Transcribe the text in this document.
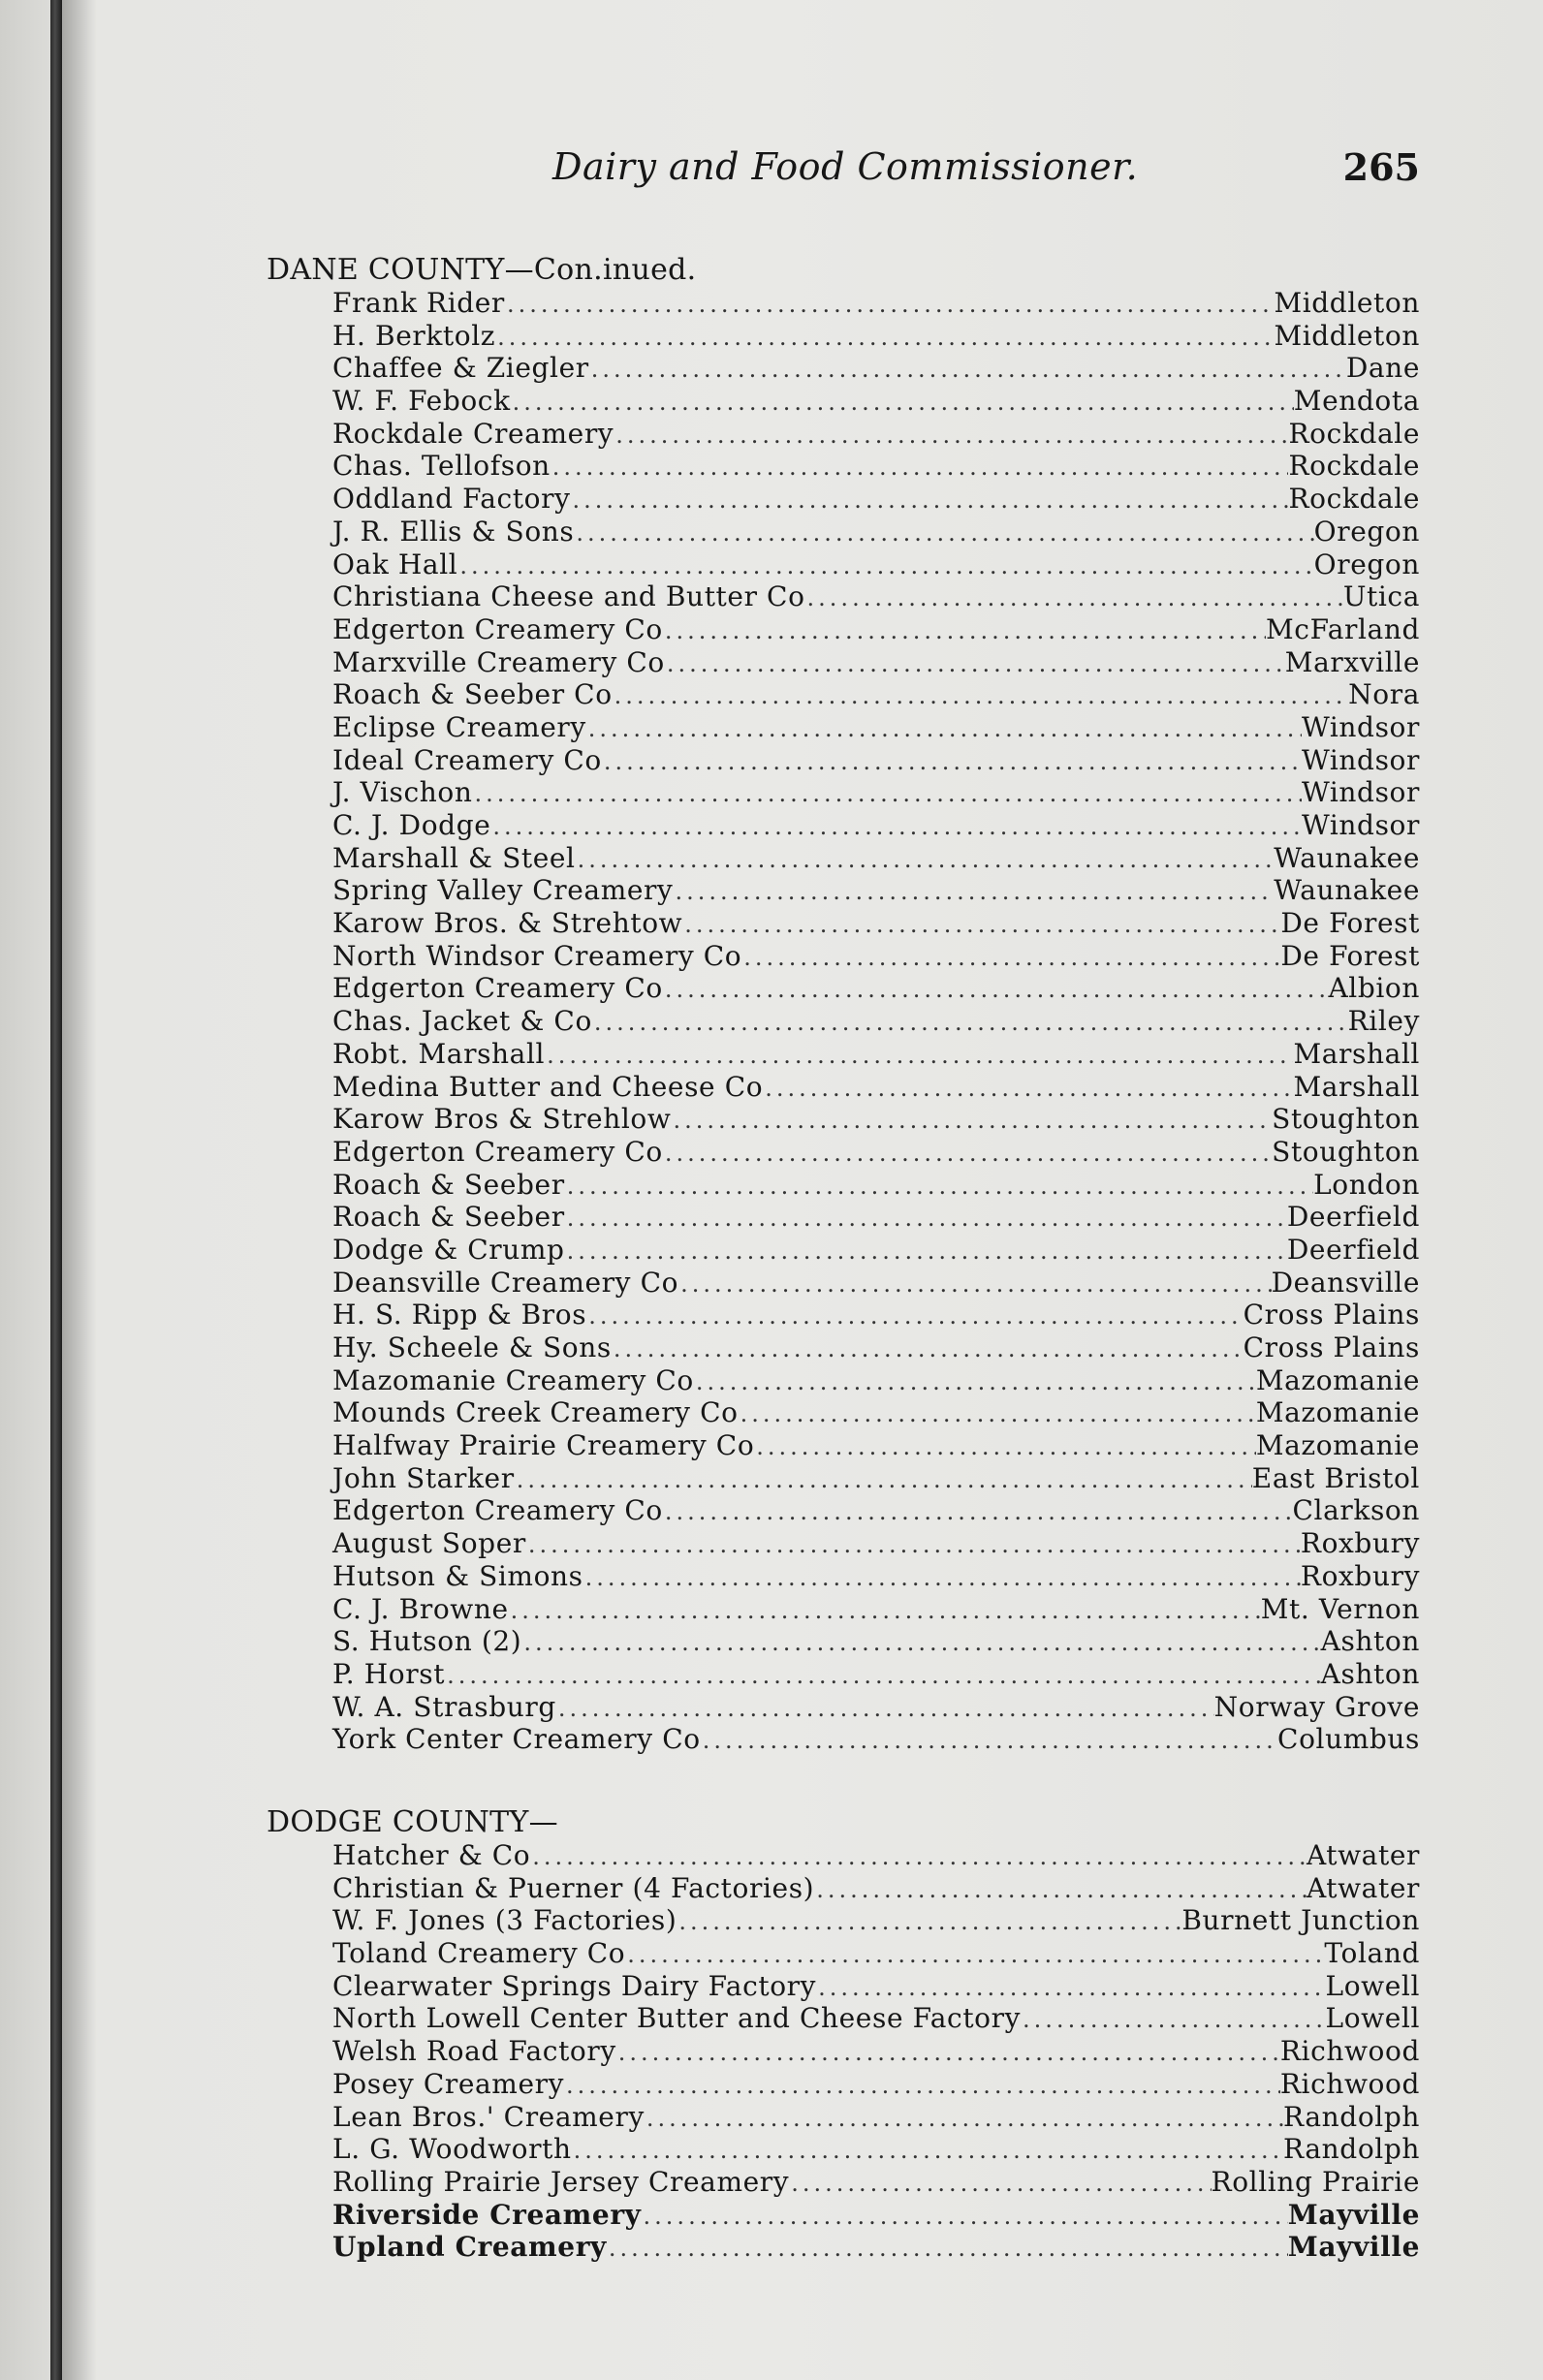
Dairy and Food Commissioner.	265
DANE COUNTY—Con.inued.
Frank Rider .....	Middleton
H. Berktolz .....	Middleton
Chaffee & Ziegler .....	Dane
W. F. Febock .....	Mendota
Rockdale Creamery .....	Rockdale
Chas. Tellofson .....	Rockdale
Oddland Factory .....	Rockdale
J. R. Ellis & Sons .....	Oregon
Oak Hall .....	Oregon
Christiana Cheese and Butter Co .....	Utica
Edgerton Creamery Co .....	McFarland
Marxville Creamery Co .....	Marxville
Roach & Seeber Co .....	Nora
Eclipse Creamery .....	Windsor
Ideal Creamery Co .....	Windsor
J. Vischon .....	Windsor
C. J. Dodge .....	Windsor
Marshall & Steel .....	Waunakee
Spring Valley Creamery .....	Waunakee
Karow Bros. & Strehtow .....	De Forest
North Windsor Creamery Co .....	De Forest
Edgerton Creamery Co .....	Albion
Chas. Jacket & Co .....	Riley
Robt. Marshall .....	Marshall
Medina Butter and Cheese Co .....	Marshall
Karow Bros & Strehlow .....	Stoughton
Edgerton Creamery Co .....	Stoughton
Roach & Seeber .....	London
Roach & Seeber .....	Deerfield
Dodge & Crump .....	Deerfield
Deansville Creamery Co .....	Deansville
H. S. Ripp & Bros .....	Cross Plains
Hy. Scheele & Sons .....	Cross Plains
Mazomanie Creamery Co .....	Mazomanie
Mounds Creek Creamery Co .....	Mazomanie
Halfway Prairie Creamery Co .....	Mazomanie
John Starker .....	East Bristol
Edgerton Creamery Co .....	Clarkson
August Soper .....	Roxbury
Hutson & Simons .....	Roxbury
C. J. Browne .....	Mt. Vernon
S. Hutson (2) .....	Ashton
P. Horst .....	Ashton
W. A. Strasburg .....	Norway Grove
York Center Creamery Co .....	Columbus
DODGE COUNTY—
Hatcher & Co .....	Atwater
Christian & Puerner (4 Factories) .....	Atwater
W. F. Jones (3 Factories) .....	Burnett Junction
Toland Creamery Co .....	Toland
Clearwater Springs Dairy Factory .....	Lowell
North Lowell Center Butter and Cheese Factory .....	Lowell
Welsh Road Factory .....	Richwood
Posey Creamery .....	Richwood
Lean Bros.' Creamery .....	Randolph
L. G. Woodworth .....	Randolph
Rolling Prairie Jersey Creamery .....	Rolling Prairie
Riverside Creamery .....	Mayville
Upland Creamery .....	Mayville
